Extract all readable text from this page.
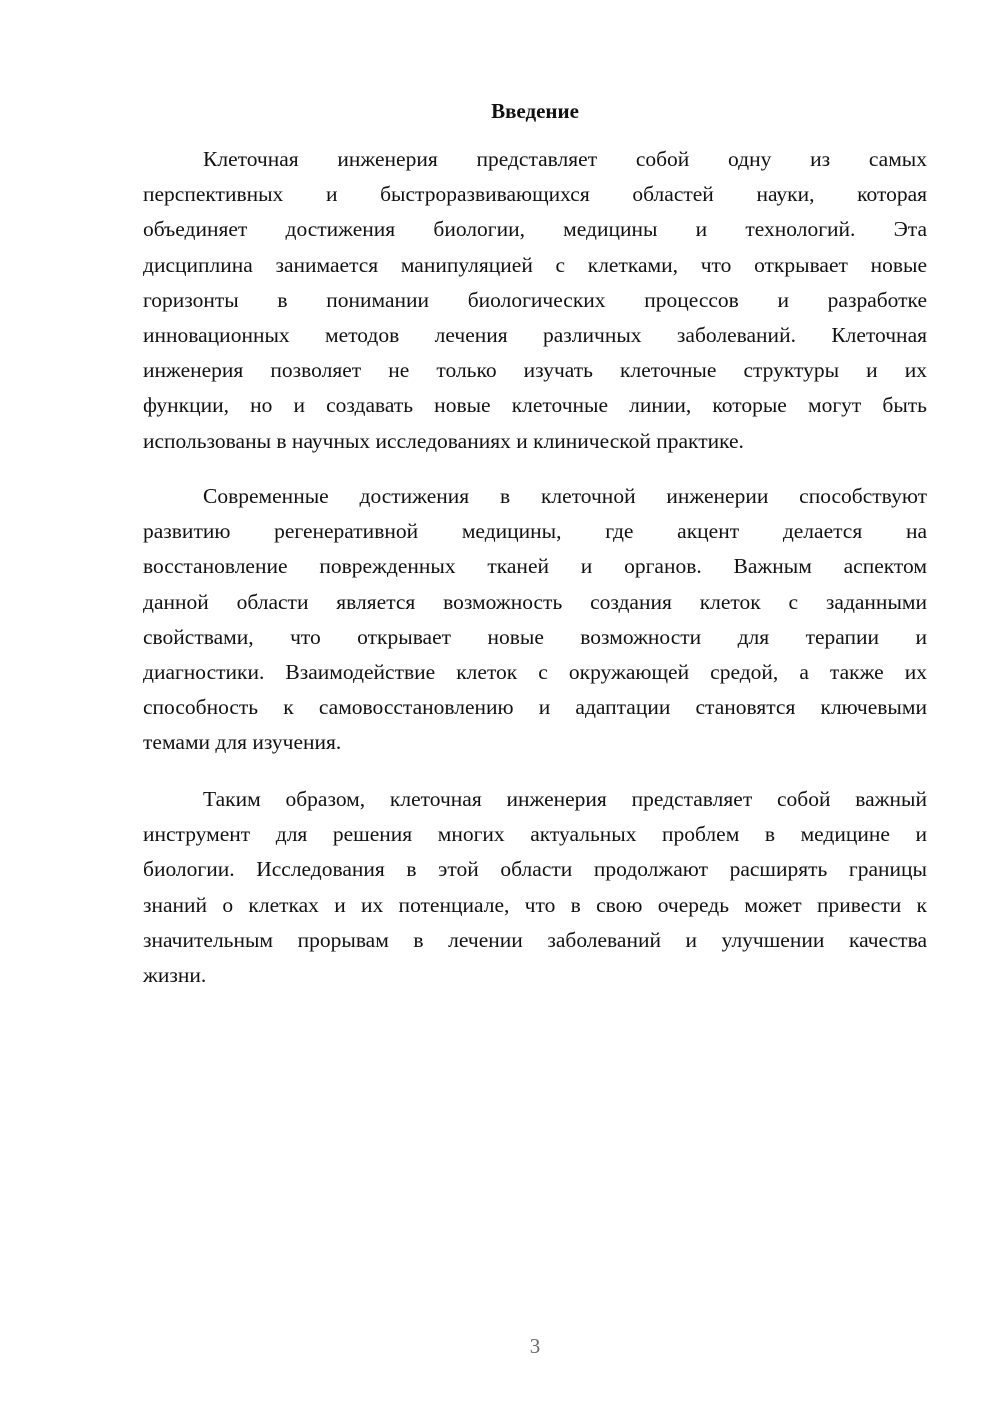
Введение
Клеточная инженерия представляет собой одну из самых
перспективных и быстроразвивающихся областей науки, которая
объединяет достижения биологии, медицины и технологий. Эта
дисциплина занимается манипуляцией с клетками, что открывает новые
горизонты в понимании биологических процессов и разработке
инновационных методов лечения различных заболеваний. Клеточная
инженерия позволяет не только изучать клеточные структуры и их
функции, но и создавать новые клеточные линии, которые могут быть
использованы в научных исследованиях и клинической практике.
Современные достижения в клеточной инженерии способствуют
развитию регенеративной медицины, где акцент делается на
восстановление поврежденных тканей и органов. Важным аспектом
данной области является возможность создания клеток с заданными
свойствами, что открывает новые возможности для терапии и
диагностики. Взаимодействие клеток с окружающей средой, а также их
способность к самовосстановлению и адаптации становятся ключевыми
темами для изучения.
Таким образом, клеточная инженерия представляет собой важный
инструмент для решения многих актуальных проблем в медицине и
биологии. Исследования в этой области продолжают расширять границы
знаний о клетках и их потенциале, что в свою очередь может привести к
значительным прорывам в лечении заболеваний и улучшении качества
жизни.
3
